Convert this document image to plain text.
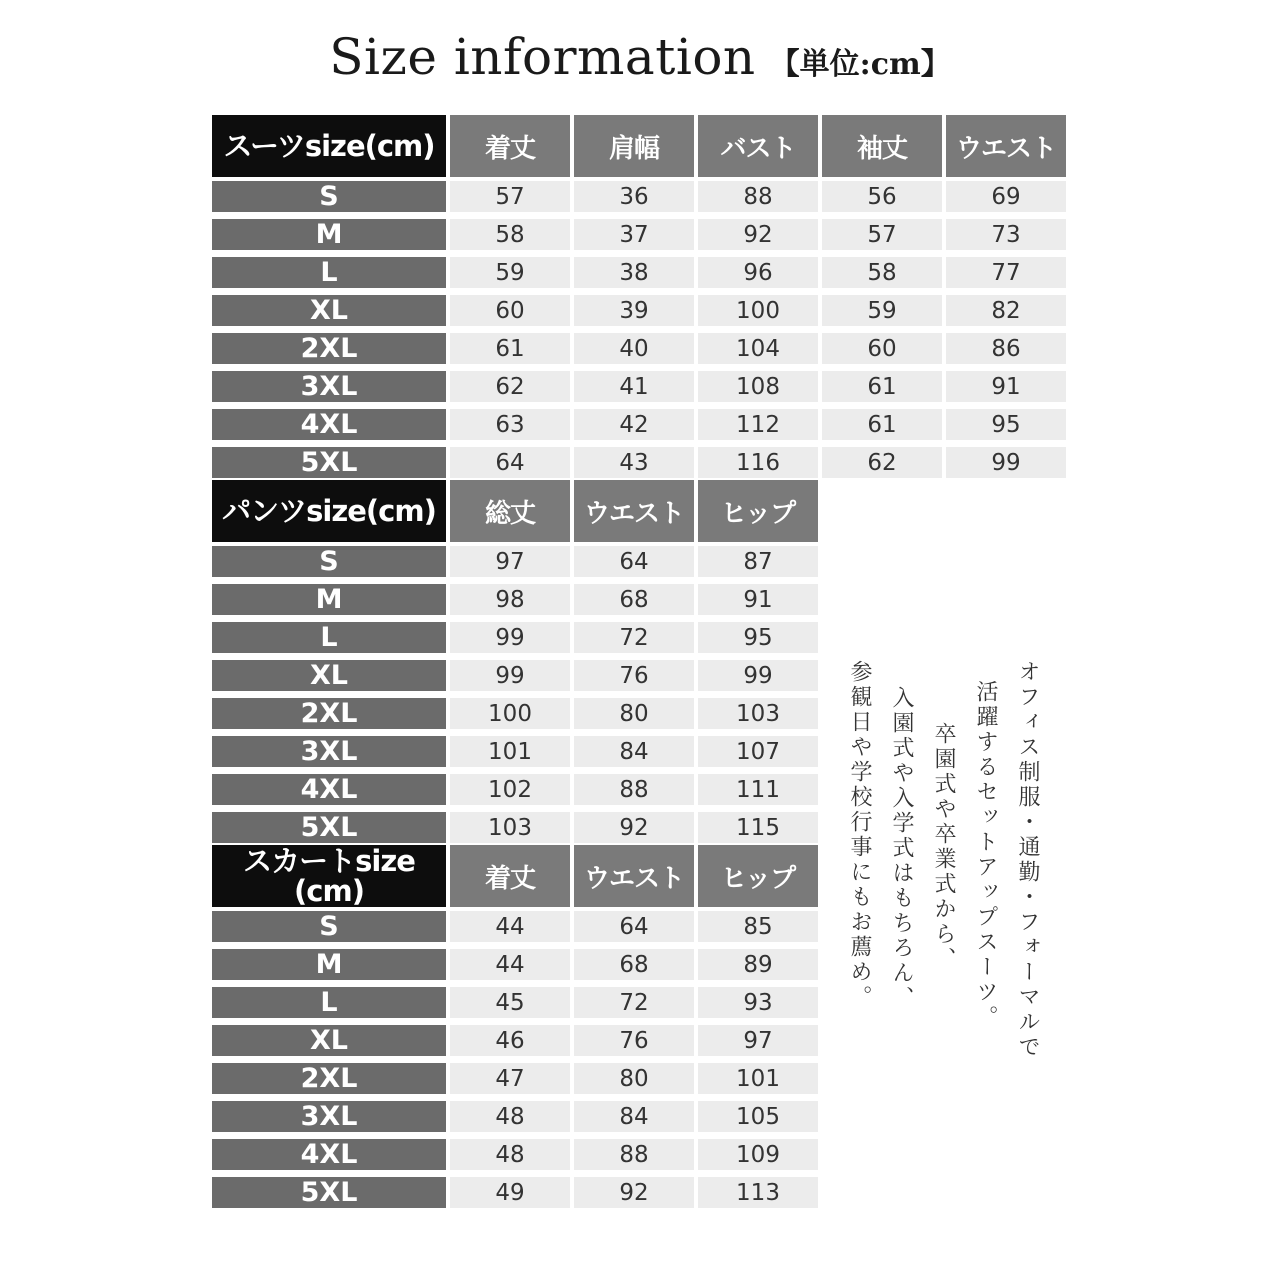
Size information 【単位:cm】
スーツsize(cm)	着丈	肩幅	バスト	袖丈	ウエスト
S	57	36	88	56	69
M	58	37	92	57	73
L	59	38	96	58	77
XL	60	39	100	59	82
2XL	61	40	104	60	86
3XL	62	41	108	61	91
4XL	63	42	112	61	95
5XL	64	43	116	62	99
パンツsize(cm)	総丈	ウエスト	ヒップ
S	97	64	87
M	98	68	91
L	99	72	95
XL	99	76	99
2XL	100	80	103
3XL	101	84	107
4XL	102	88	111
5XL	103	92	115
スカートsize
(cm)	着丈	ウエスト	ヒップ
S	44	64	85
M	44	68	89
L	45	72	93
XL	46	76	97
2XL	47	80	101
3XL	48	84	105
4XL	48	88	109
5XL	49	92	113
オフィス制服・通勤・フォーマルで
活躍するセットアップスーツ。
卒園式や卒業式から、
入園式や入学式はもちろん、
参観日や学校行事にもお薦め。
